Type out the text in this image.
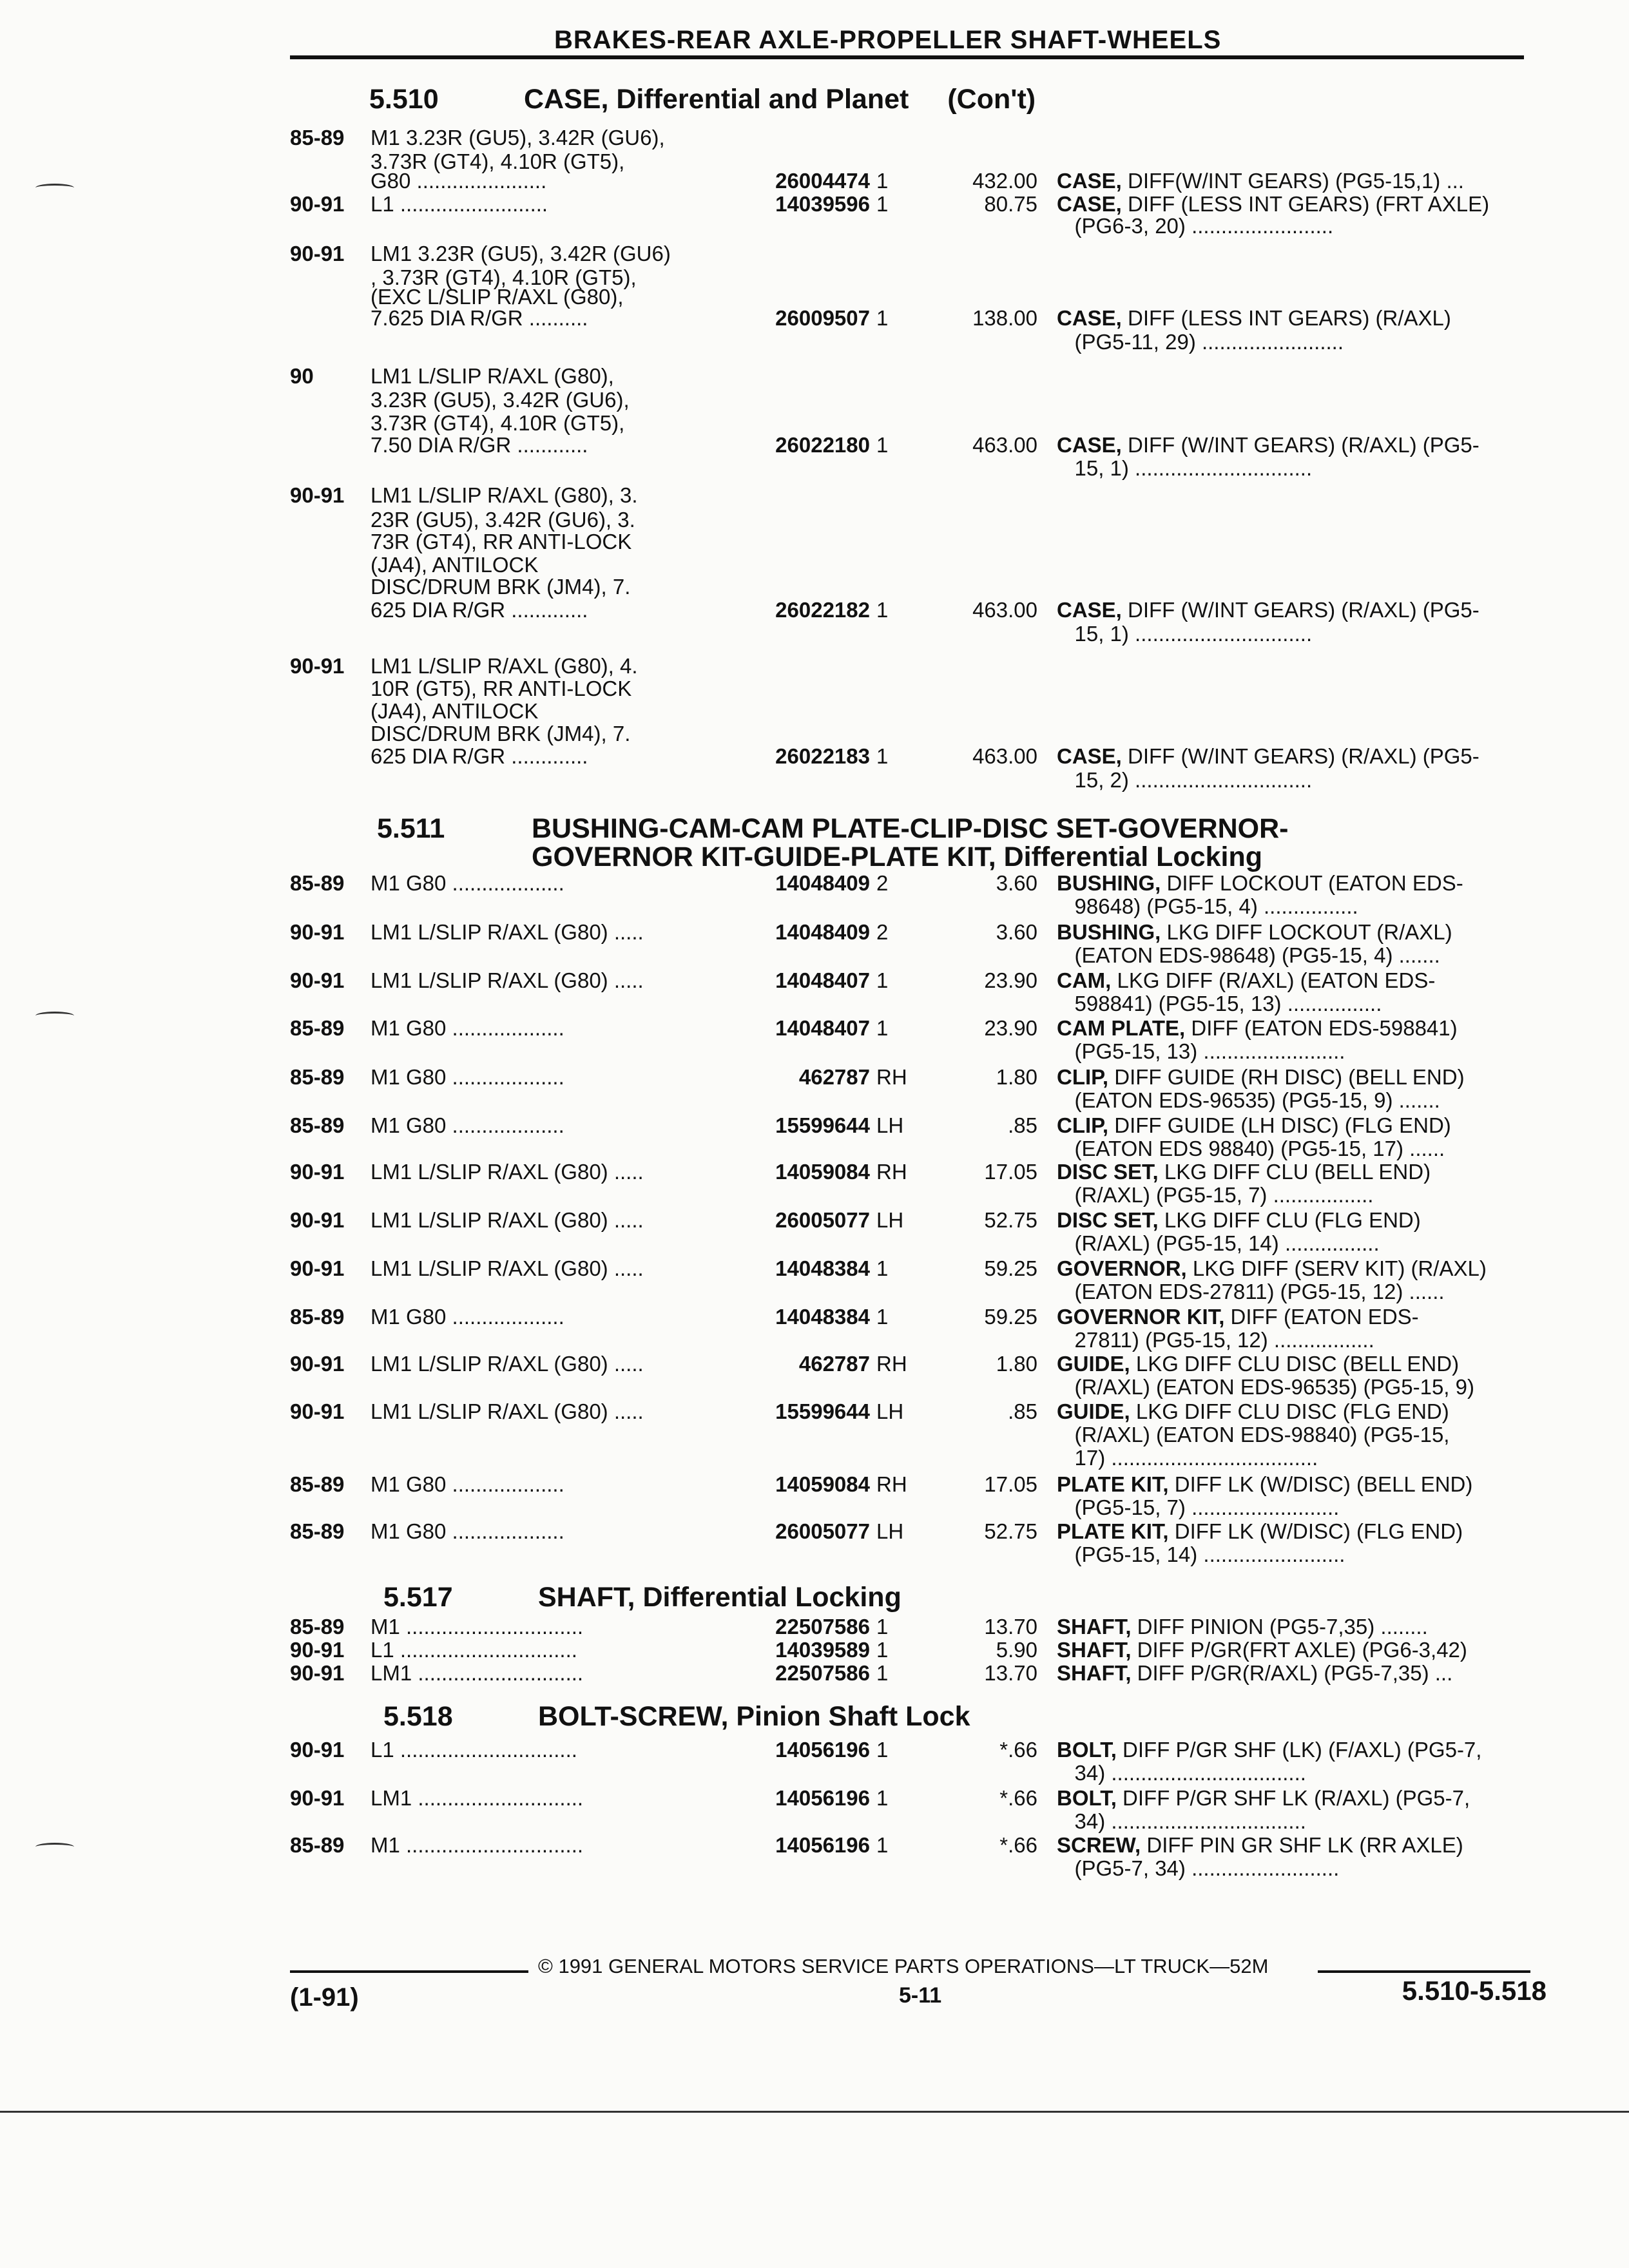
BRAKES-REAR AXLE-PROPELLER SHAFT-WHEELS
5.510	CASE, Differential and Planet (Con't)
85-89 M1 3.23R (GU5), 3.42R (GU6),
3.73R (GT4), 4.10R (GT5),
G80 ......................	26004474 1	432.00 CASE, DIFF(W/INT GEARS) (PG5-15,1) ...
90-91 L1 .........................	14039596 1	80.75 CASE, DIFF (LESS INT GEARS) (FRT AXLE)
(PG6-3, 20) ........................
90-91 LM1 3.23R (GU5), 3.42R (GU6)
, 3.73R (GT4), 4.10R (GT5),
(EXC L/SLIP R/AXL (G80),
7.625 DIA R/GR ..........	26009507 1	138.00 CASE, DIFF (LESS INT GEARS) (R/AXL)
(PG5-11, 29) ........................
90	LM1 L/SLIP R/AXL (G80),
3.23R (GU5), 3.42R (GU6),
3.73R (GT4), 4.10R (GT5),
7.50 DIA R/GR ............	26022180 1	463.00 CASE, DIFF (W/INT GEARS) (R/AXL) (PG5-
15, 1) ..............................
90-91 LM1 L/SLIP R/AXL (G80), 3.
23R (GU5), 3.42R (GU6), 3.
73R (GT4), RR ANTI-LOCK
(JA4), ANTILOCK
DISC/DRUM BRK (JM4), 7.
625 DIA R/GR .............	26022182 1	463.00 CASE, DIFF (W/INT GEARS) (R/AXL) (PG5-
15, 1) ..............................
90-91 LM1 L/SLIP R/AXL (G80), 4.
10R (GT5), RR ANTI-LOCK
(JA4), ANTILOCK
DISC/DRUM BRK (JM4), 7.
625 DIA R/GR .............	26022183 1	463.00 CASE, DIFF (W/INT GEARS) (R/AXL) (PG5-
15, 2) ..............................
5.511	BUSHING-CAM-CAM PLATE-CLIP-DISC SET-GOVERNOR-
GOVERNOR KIT-GUIDE-PLATE KIT, Differential Locking
85-89 M1 G80 ...................	14048409 2	3.60 BUSHING, DIFF LOCKOUT (EATON EDS-
98648) (PG5-15, 4) ................
90-91 LM1 L/SLIP R/AXL (G80) .....	14048409 2	3.60 BUSHING, LKG DIFF LOCKOUT (R/AXL)
(EATON EDS-98648) (PG5-15, 4) .......
90-91 LM1 L/SLIP R/AXL (G80) .....	14048407 1	23.90 CAM, LKG DIFF (R/AXL) (EATON EDS-
598841) (PG5-15, 13) ................
85-89 M1 G80 ...................	14048407 1	23.90 CAM PLATE, DIFF (EATON EDS-598841)
(PG5-15, 13) ........................
85-89 M1 G80 ...................	462787 RH	1.80 CLIP, DIFF GUIDE (RH DISC) (BELL END)
(EATON EDS-96535) (PG5-15, 9) .......
85-89 M1 G80 ...................	15599644 LH	.85 CLIP, DIFF GUIDE (LH DISC) (FLG END)
(EATON EDS 98840) (PG5-15, 17) ......
90-91 LM1 L/SLIP R/AXL (G80) .....	14059084 RH	17.05 DISC SET, LKG DIFF CLU (BELL END)
(R/AXL) (PG5-15, 7) .................
90-91 LM1 L/SLIP R/AXL (G80) .....	26005077 LH	52.75 DISC SET, LKG DIFF CLU (FLG END)
(R/AXL) (PG5-15, 14) ................
90-91 LM1 L/SLIP R/AXL (G80) .....	14048384 1	59.25 GOVERNOR, LKG DIFF (SERV KIT) (R/AXL)
(EATON EDS-27811) (PG5-15, 12) ......
85-89 M1 G80 ...................	14048384 1	59.25 GOVERNOR KIT, DIFF (EATON EDS-
27811) (PG5-15, 12) .................
90-91 LM1 L/SLIP R/AXL (G80) .....	462787 RH	1.80 GUIDE, LKG DIFF CLU DISC (BELL END)
(R/AXL) (EATON EDS-96535) (PG5-15, 9)
90-91 LM1 L/SLIP R/AXL (G80) .....	15599644 LH	.85 GUIDE, LKG DIFF CLU DISC (FLG END)
(R/AXL) (EATON EDS-98840) (PG5-15,
17) ...................................
85-89 M1 G80 ...................	14059084 RH	17.05 PLATE KIT, DIFF LK (W/DISC) (BELL END)
(PG5-15, 7) .........................
85-89 M1 G80 ...................	26005077 LH	52.75 PLATE KIT, DIFF LK (W/DISC) (FLG END)
(PG5-15, 14) ........................
5.517	SHAFT, Differential Locking
85-89 M1 ..............................	22507586 1	13.70 SHAFT, DIFF PINION (PG5-7,35) ........
90-91 L1 ..............................	14039589 1	5.90 SHAFT, DIFF P/GR(FRT AXLE) (PG6-3,42)
90-91 LM1 ............................	22507586 1	13.70 SHAFT, DIFF P/GR(R/AXL) (PG5-7,35) ...
5.518	BOLT-SCREW, Pinion Shaft Lock
90-91 L1 ..............................	14056196 1	*.66 BOLT, DIFF P/GR SHF (LK) (F/AXL) (PG5-7,
34) .................................
90-91 LM1 ............................	14056196 1	*.66 BOLT, DIFF P/GR SHF LK (R/AXL) (PG5-7,
34) .................................
85-89 M1 ..............................	14056196 1	*.66 SCREW, DIFF PIN GR SHF LK (RR AXLE)
(PG5-7, 34) .........................
© 1991 GENERAL MOTORS SERVICE PARTS OPERATIONS—LT TRUCK—52M
(1-91)	5-11	5.510-5.518
